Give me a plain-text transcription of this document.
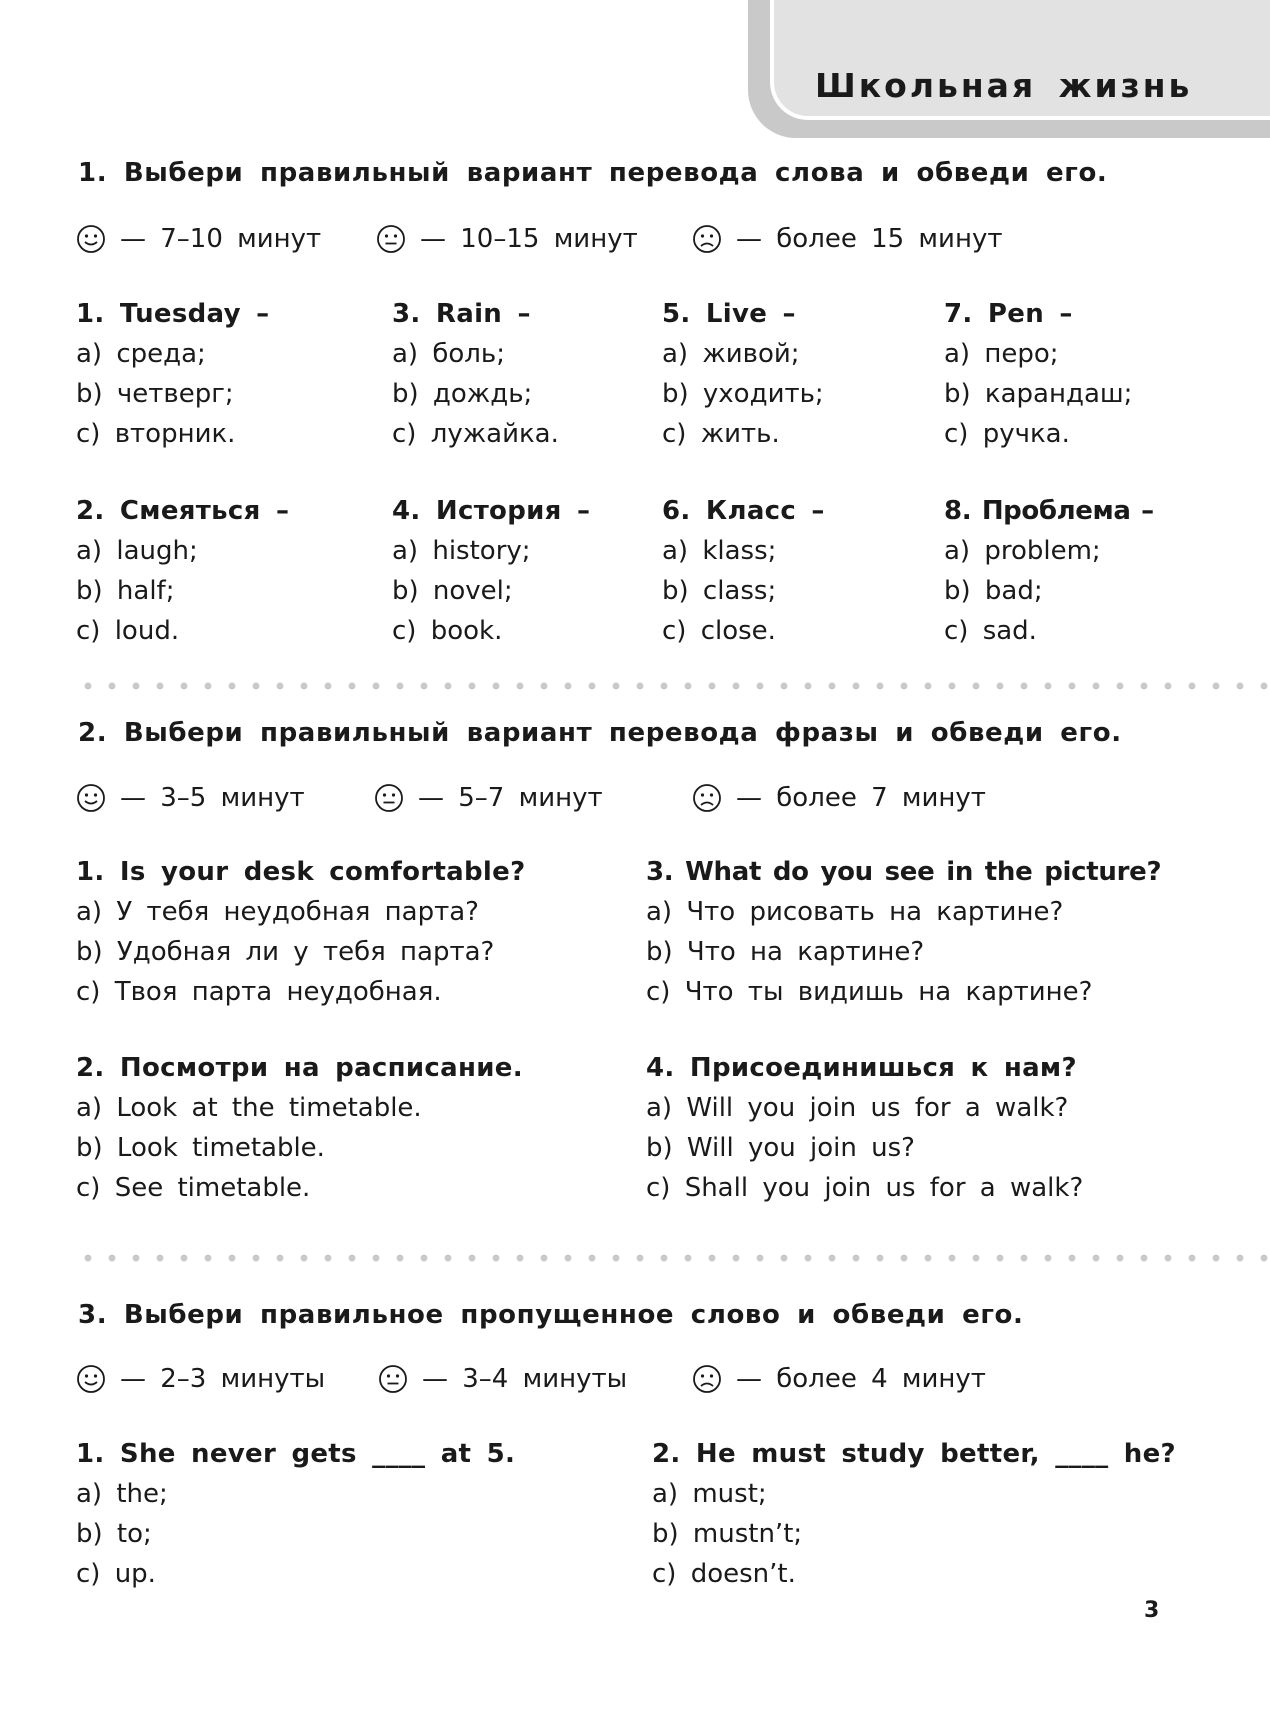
Школьная жизнь
1. Выбери правильный вариант перевода слова и обведи его.
— 7–10 минут	— 10–15 минут	— более 15 минут
1. Tuesday –
a) среда;
b) четверг;
c) вторник.
3. Rain –
a) боль;
b) дождь;
c) лужайка.
5. Live –
a) живой;
b) уходить;
c) жить.
7. Pen –
a) перо;
b) карандаш;
c) ручка.
2. Смеяться –
a) laugh;
b) half;
c) loud.
4. История –
a) history;
b) novel;
c) book.
6. Класс –
a) klass;
b) class;
c) close.
8. Проблема –
a) problem;
b) bad;
c) sad.
2. Выбери правильный вариант перевода фразы и обведи его.
— 3–5 минут	— 5–7 минут	— более 7 минут
1. Is your desk comfortable?
a) У тебя неудобная парта?
b) Удобная ли у тебя парта?
c) Твоя парта неудобная.
3. What do you see in the picture?
a) Что рисовать на картине?
b) Что на картине?
c) Что ты видишь на картине?
2. Посмотри на расписание.
a) Look at the timetable.
b) Look timetable.
c) See timetable.
4. Присоединишься к нам?
a) Will you join us for a walk?
b) Will you join us?
c) Shall you join us for a walk?
3. Выбери правильное пропущенное слово и обведи его.
— 2–3 минуты	— 3–4 минуты	— более 4 минут
1. She never gets ____ at 5.
a) the;
b) to;
c) up.
2. He must study better, ____ he?
a) must;
b) mustn’t;
c) doesn’t.
3
